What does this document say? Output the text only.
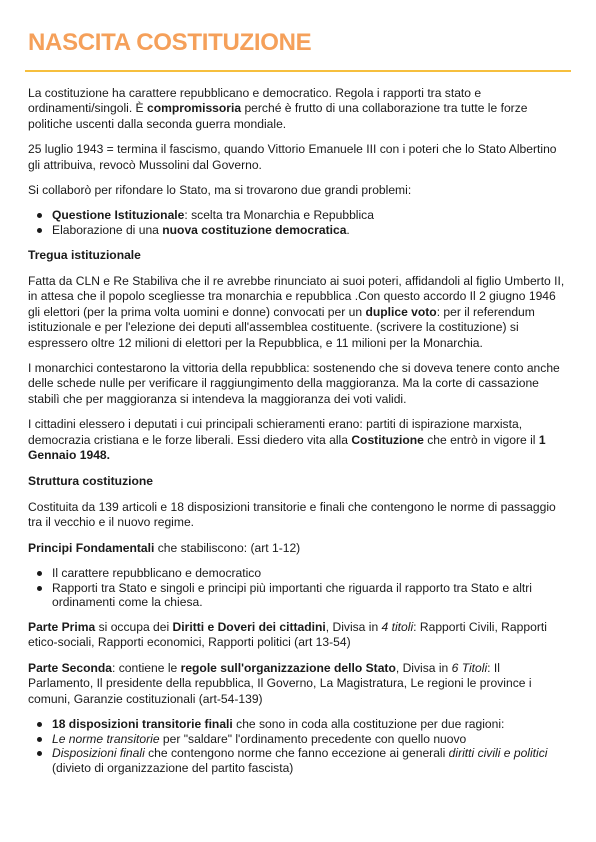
NASCITA COSTITUZIONE

La costituzione ha carattere repubblicano e democratico. Regola i rapporti tra stato e ordinamenti/singoli. È compromissoria perché è frutto di una collaborazione tra tutte le forze politiche uscenti dalla seconda guerra mondiale.

25 luglio 1943 = termina il fascismo, quando Vittorio Emanuele III con i poteri che lo Stato Albertino gli attribuiva, revocò Mussolini dal Governo.

Si collaborò per rifondare lo Stato, ma si trovarono due grandi problemi:

Questione Istituzionale: scelta tra Monarchia e Repubblica
Elaborazione di una nuova costituzione democratica.
Tregua istituzionale

Fatta da CLN e Re Stabiliva che il re avrebbe rinunciato ai suoi poteri, affidandoli al figlio Umberto II, in attesa che il popolo scegliesse tra monarchia e repubblica .Con questo accordo Il 2 giugno 1946 gli elettori (per la prima volta uomini e donne) convocati per un duplice voto: per il referendum istituzionale e per l'elezione dei deputi all'assemblea costituente. (scrivere la costituzione) si espressero oltre 12 milioni di elettori per la Repubblica, e 11 milioni per la Monarchia.

I monarchici contestarono la vittoria della repubblica: sostenendo che si doveva tenere conto anche delle schede nulle per verificare il raggiungimento della maggioranza. Ma la corte di cassazione stabilì che per maggioranza si intendeva la maggioranza dei voti validi.

I cittadini elessero i deputati i cui principali schieramenti erano: partiti di ispirazione marxista, democrazia cristiana e le forze liberali. Essi diedero vita alla Costituzione che entrò in vigore il 1 Gennaio 1948.

Struttura costituzione

Costituita da 139 articoli e 18 disposizioni transitorie e finali che contengono le norme di passaggio tra il vecchio e il nuovo regime.

Principi Fondamentali che stabiliscono: (art 1-12)

Il carattere repubblicano e democratico
Rapporti tra Stato e singoli e principi più importanti che riguarda il rapporto tra Stato e altri ordinamenti come la chiesa.

Parte Prima si occupa dei Diritti e Doveri dei cittadini, Divisa in 4 titoli: Rapporti Civili, Rapporti etico-sociali, Rapporti economici, Rapporti politici (art 13-54)

Parte Seconda: contiene le regole sull'organizzazione dello Stato, Divisa in 6 Titoli: Il Parlamento, Il presidente della repubblica, Il Governo, La Magistratura, Le regioni le province i comuni, Garanzie costituzionali (art-54-139)

18 disposizioni transitorie finali che sono in coda alla costituzione per due ragioni:
Le norme transitorie per "saldare" l'ordinamento precedente con quello nuovo
Disposizioni finali che contengono norme che fanno eccezione ai generali diritti civili e politici (divieto di organizzazione del partito fascista)
